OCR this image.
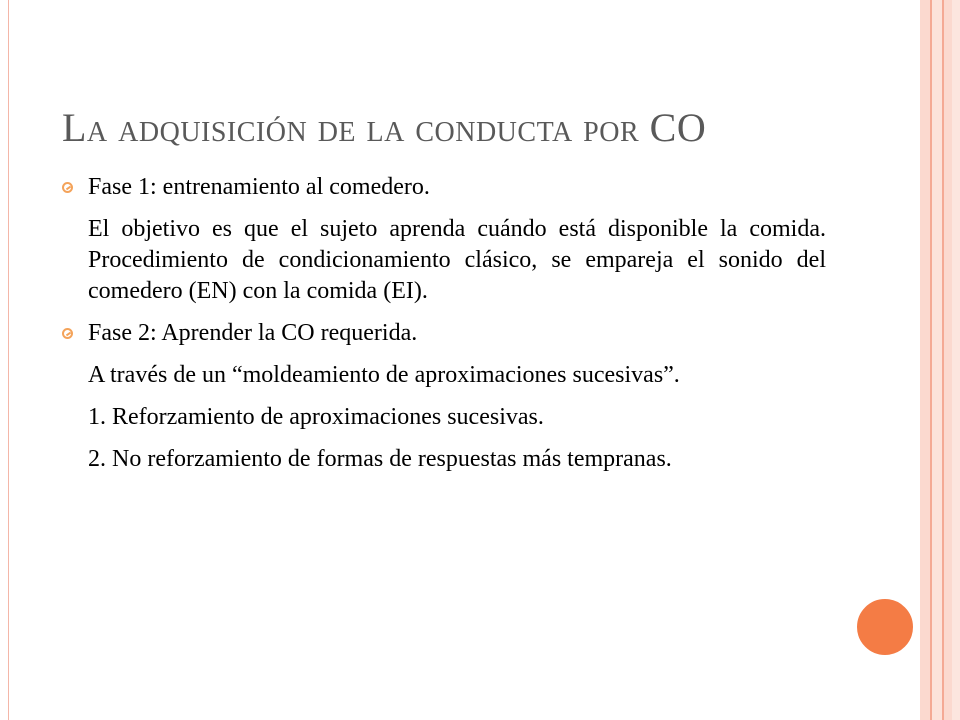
La adquisición de la conducta por CO
Fase 1: entrenamiento al comedero.
El objetivo es que el sujeto aprenda cuándo está disponible la comida. Procedimiento de condicionamiento clásico, se empareja el sonido del comedero (EN) con la comida (EI).
Fase 2: Aprender la CO requerida.
A través de un “moldeamiento de aproximaciones sucesivas”.
1. Reforzamiento de aproximaciones sucesivas.
2. No reforzamiento de formas de respuestas más tempranas.
